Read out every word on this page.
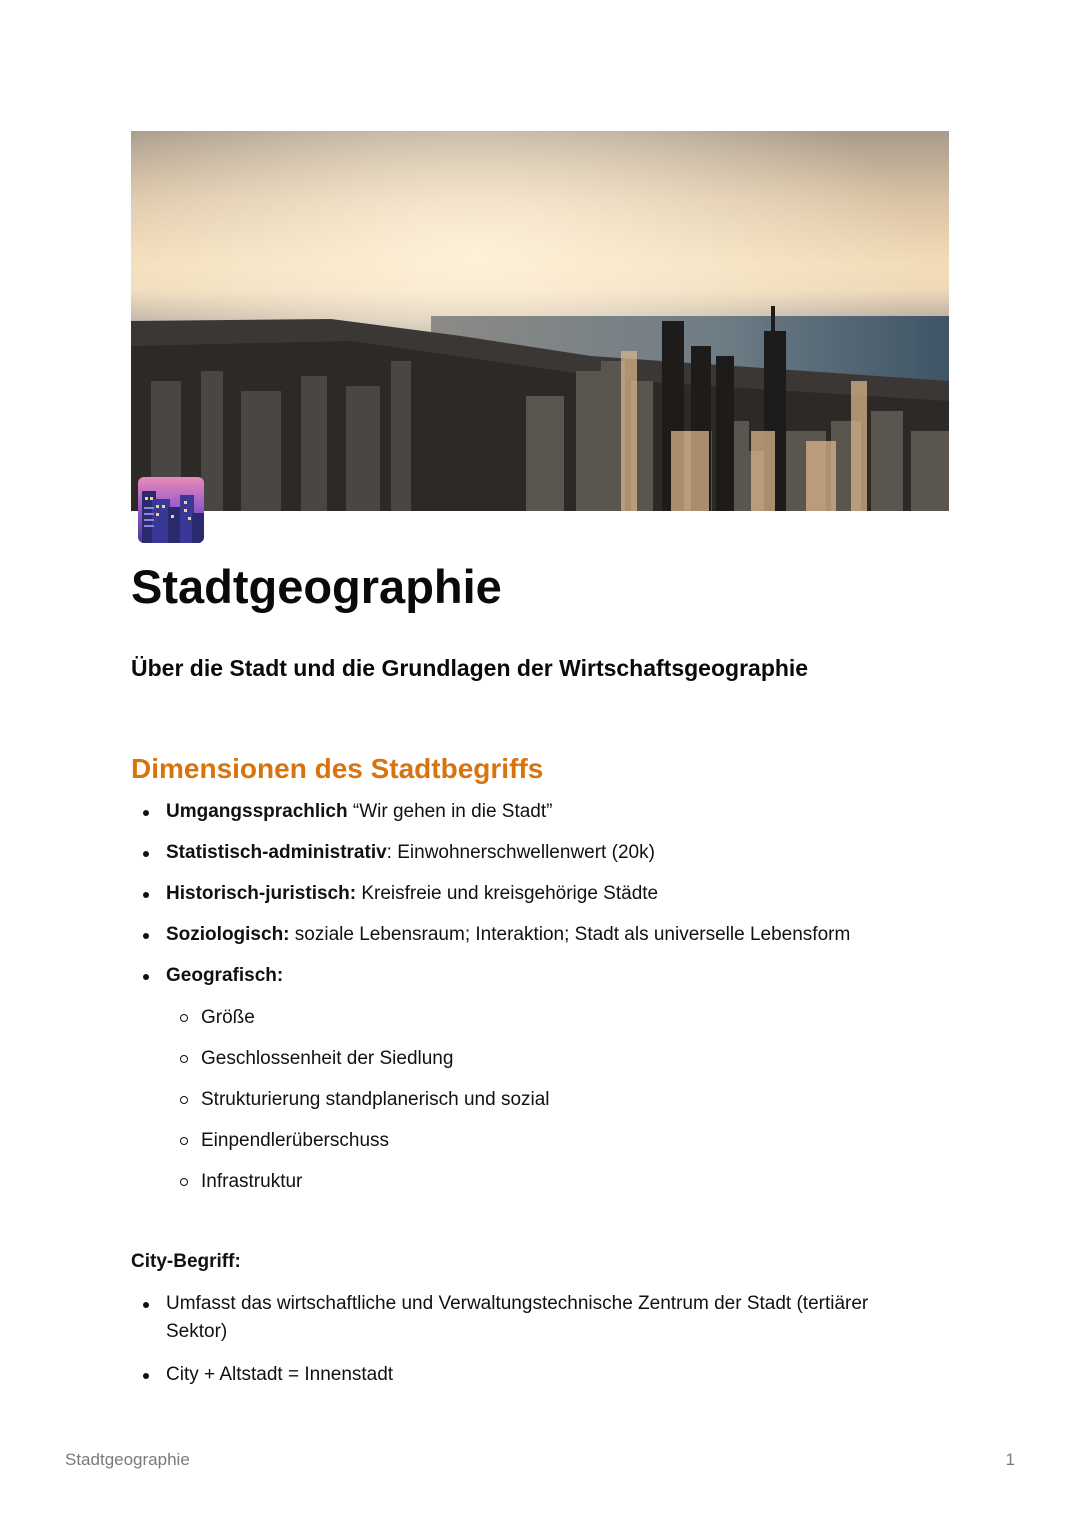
Stadtgeographie
Über die Stadt und die Grundlagen der Wirtschaftsgeographie
Dimensionen des Stadtbegriffs
Umgangssprachlich “Wir gehen in die Stadt”
Statistisch-administrativ: Einwohnerschwellenwert (20k)
Historisch-juristisch: Kreisfreie und kreisgehörige Städte
Soziologisch: soziale Lebensraum; Interaktion; Stadt als universelle Lebensform
Geografisch:
Größe
Geschlossenheit der Siedlung
Strukturierung standplanerisch und sozial
Einpendlerüberschuss
Infrastruktur

City-Begriff:

Umfasst das wirtschaftliche und Verwaltungstechnische Zentrum der Stadt (tertiärer Sektor)
City + Altstadt = Innenstadt
Stadtgeographie	1
